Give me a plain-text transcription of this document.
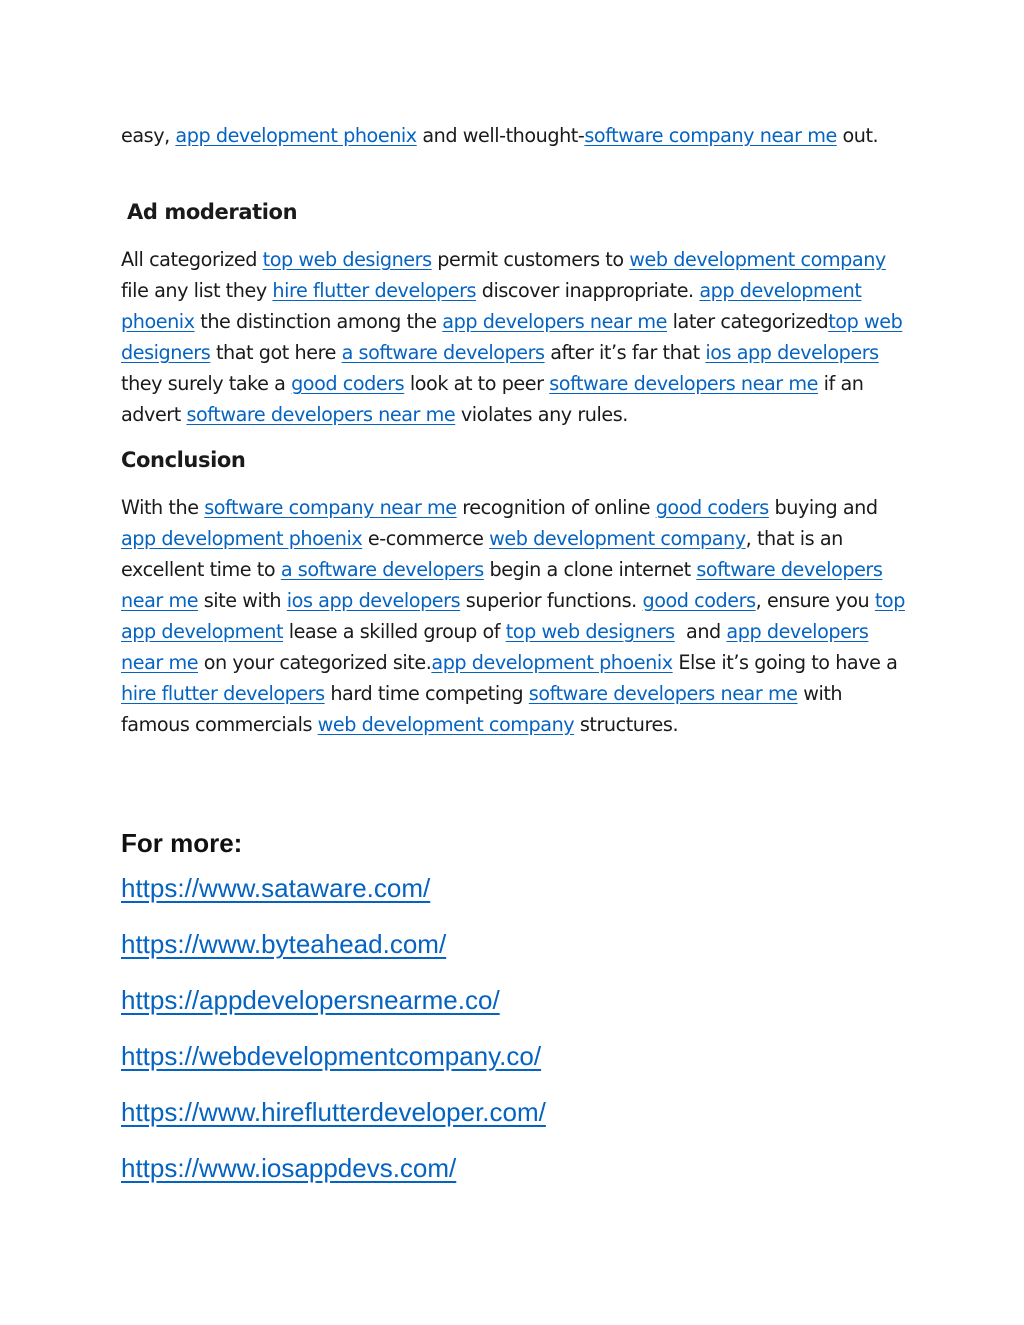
easy, app development phoenix and well-thought-software company near me out.

Ad moderation

All categorized top web designers permit customers to web development company file any list they hire flutter developers discover inappropriate. app development phoenix the distinction among the app developers near me later categorizedtop web designers that got here a software developers after it’s far that ios app developers they surely take a good coders look at to peer software developers near me if an advert software developers near me violates any rules.

Conclusion

With the software company near me recognition of online good coders buying and app development phoenix e-commerce web development company, that is an excellent time to a software developers begin a clone internet software developers near me site with ios app developers superior functions. good coders, ensure you top app development lease a skilled group of top web designers  and app developers near me on your categorized site.app development phoenix Else it’s going to have a hire flutter developers hard time competing software developers near me with famous commercials web development company structures.

For more:
https://www.sataware.com/
https://www.byteahead.com/
https://appdevelopersnearme.co/
https://webdevelopmentcompany.co/
https://www.hireflutterdeveloper.com/
https://www.iosappdevs.com/
